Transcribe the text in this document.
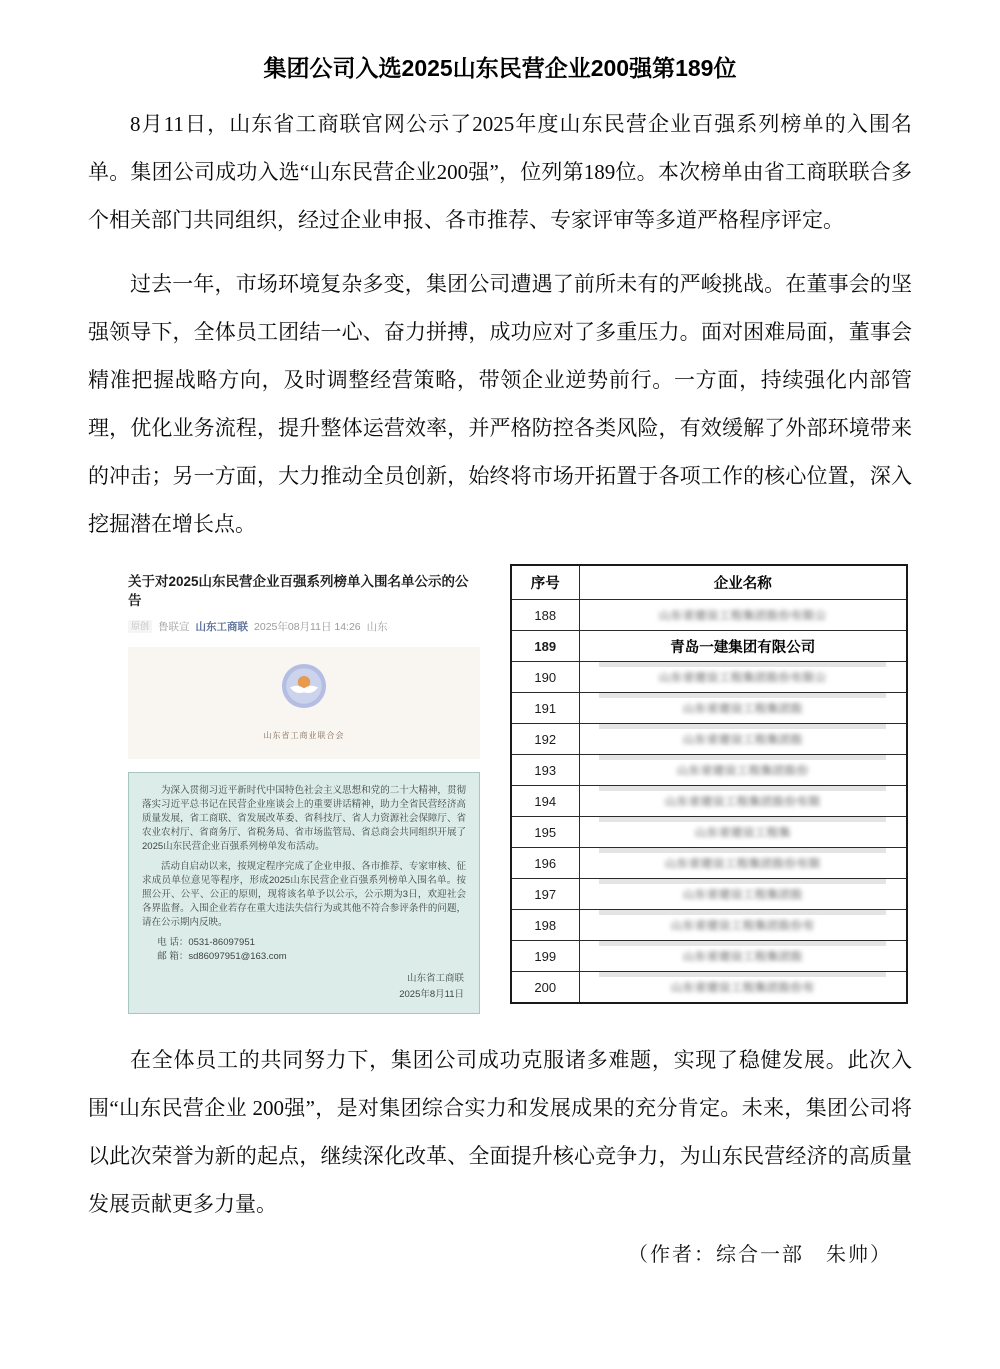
集团公司入选2025山东民营企业200强第189位

8月11日，山东省工商联官网公示了2025年度山东民营企业百强系列榜单的入围名单。集团公司成功入选“山东民营企业200强”，位列第189位。本次榜单由省工商联联合多个相关部门共同组织，经过企业申报、各市推荐、专家评审等多道严格程序评定。

过去一年，市场环境复杂多变，集团公司遭遇了前所未有的严峻挑战。在董事会的坚强领导下，全体员工团结一心、奋力拼搏，成功应对了多重压力。面对困难局面，董事会精准把握战略方向，及时调整经营策略，带领企业逆势前行。一方面，持续强化内部管理，优化业务流程，提升整体运营效率，并严格防控各类风险，有效缓解了外部环境带来的冲击；另一方面，大力推动全员创新，始终将市场开拓置于各项工作的核心位置，深入挖掘潜在增长点。

关于对2025山东民营企业百强系列榜单入围名单公示的公告
原创 鲁联宣 山东工商联 2025年08月11日 14:26 山东
山东省工商业联合会

为深入贯彻习近平新时代中国特色社会主义思想和党的二十大精神，贯彻落实习近平总书记在民营企业座谈会上的重要讲话精神，助力全省民营经济高质量发展，省工商联、省发展改革委、省科技厅、省人力资源社会保障厅、省农业农村厅、省商务厅、省税务局、省市场监管局、省总商会共同组织开展了2025山东民营企业百强系列榜单发布活动。

活动自启动以来，按规定程序完成了企业申报、各市推荐、专家审核、征求成员单位意见等程序，形成2025山东民营企业百强系列榜单入围名单。按照公开、公平、公正的原则，现将该名单予以公示，公示期为3日，欢迎社会各界监督。入围企业若存在重大违法失信行为或其他不符合参评条件的问题，请在公示期内反映。

电 话：0531-86097951

邮 箱：sd86097951@163.com

山东省工商联

2025年8月11日

序号	企业名称
188	山东省建设工程集团股份有限公
189	青岛一建集团有限公司
190	山东省建设工程集团股份有限公
191	山东省建设工程集团股
192	山东省建设工程集团股
193	山东省建设工程集团股份
194	山东省建设工程集团股份有限
195	山东省建设工程集
196	山东省建设工程集团股份有限
197	山东省建设工程集团股
198	山东省建设工程集团股份有
199	山东省建设工程集团股
200	山东省建设工程集团股份有

在全体员工的共同努力下，集团公司成功克服诸多难题，实现了稳健发展。此次入围“山东民营企业 200强”，是对集团综合实力和发展成果的充分肯定。未来，集团公司将以此次荣誉为新的起点，继续深化改革、全面提升核心竞争力，为山东民营经济的高质量发展贡献更多力量。

（作者：综合一部　朱帅）
